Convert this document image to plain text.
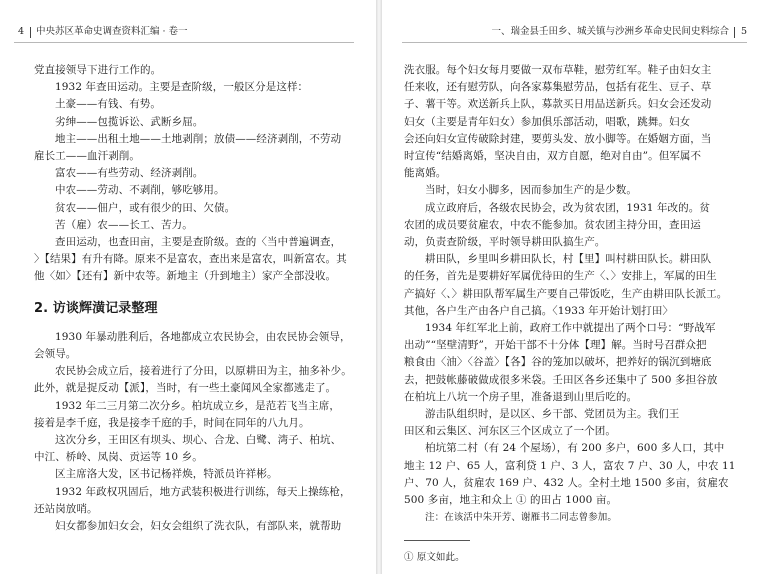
4 中央苏区革命史调查资料汇编 · 卷一

党直接领导下进行工作的。

1932 年查田运动。主要是查阶级，一般区分是这样：

土豪——有钱、有势。

劣绅——包揽诉讼、武断乡屈。

地主——出租土地——土地剥削；放债——经济剥削，不劳动

雇长工——血汗剥削。

富农——有些劳动、经济剥削。

中农——劳动、不剥削，够吃够用。

贫农——佃户，或有很少的田、欠债。

苦（雇）农——长工、苦力。

查田运动，也查田亩，主要是查阶级。查的〈当中普遍调查，

〉【结果】有升有降。原来不是富农，查出来是富农，叫新富农。其

他〈如〉【还有】新中农等。新地主（升到地主）家产全部没收。

2. 访谈辉潢记录整理

1930 年暴动胜利后，各地都成立农民协会，由农民协会领导，

会领导。

农民协会成立后，接着进行了分田，以原耕田为主，抽多补少。

此外，就是捉反动【派】，当时，有一些土豪闻风全家都逃走了。

1932 年二三月第二次分乡。柏坑成立乡，是范若飞当主席，

接着是李千庭，我是接李千庭的手，时间在同年的八九月。

这次分乡，王田区有坝头、坝心、合龙、白鹭、湾子、柏坑、

中江、桥岭、凤岗、贡运等 10 乡。

区主席洛大发，区书记杨祥焕，特派员许祥彬。

1932 年政权巩固后，地方武装积极进行训练，每天上操练枪，

还站岗放哨。

妇女都参加妇女会，妇女会组织了洗衣队，有部队来，就帮助

一、瑞金县壬田乡、城关镇与沙洲乡革命史民间史料综合 5

洗衣服。每个妇女每月要做一双布草鞋，慰劳红军。鞋子由妇女主

任来收，还有慰劳队，向各家募集慰劳品，包括有花生、豆子、草

子、薯干等。欢送新兵上队，募款买日用品送新兵。妇女会还发动

妇女（主要是青年妇女）参加俱乐部活动，唱歌，跳舞。妇女

会还向妇女宣传破除封建，要剪头发、放小脚等。在婚姻方面，当

时宣传“结婚离婚，坚决自由，双方自愿，绝对自由”。但军属不

能离婚。

当时，妇女小脚多，因而参加生产的是少数。

成立政府后，各级农民协会，改为贫农团，1931 年改的。贫

农团的成员要贫雇农，中农不能参加。贫农团主持分田，查田运

动，负责查阶级，平时领导耕田队搞生产。

耕田队，乡里叫乡耕田队长，村【里】叫村耕田队长。耕田队

的任务，首先是要耕好军属优待田的生产〈、〉安排上，军属的田生

产搞好〈、〉耕田队帮军属生产要自己带饭吃，生产由耕田队长派工。

其他，各户生产由各户自己搞。〈1933 年开始计划打田〉

1934 年红军北上前，政府工作中就提出了两个口号：“野战军

出动”“坚壁清野”，开始干部不十分体【理】解。当时号召群众把

粮食由〈油〉〈谷盖〉【各】谷的笼加以破坏，把养好的锅沉到塘底

去，把鼓帐藤破做成很多米袋。壬田区各乡还集中了 500 多担谷放

在柏坑上八坑一个房子里，准备退到山里后吃的。

游击队组织时，是以区、乡干部、党团员为主。我们王

田区和云集区、河东区三个区成立了一个团。

柏坑第二村（有 24 个屋场），有 200 多户，600 多人口，其中

地主 12 户、65 人，富利贷 1 户、3 人，富农 7 户、30 人，中农 11

户、70 人，贫雇农 169 户、432 人。全村土地 1500 多亩，贫雇农

500 多亩，地主和众上 ① 的田占 1000 亩。

注：在该活中朱开芳、谢雁书二同志曾参加。

① 原文如此。
